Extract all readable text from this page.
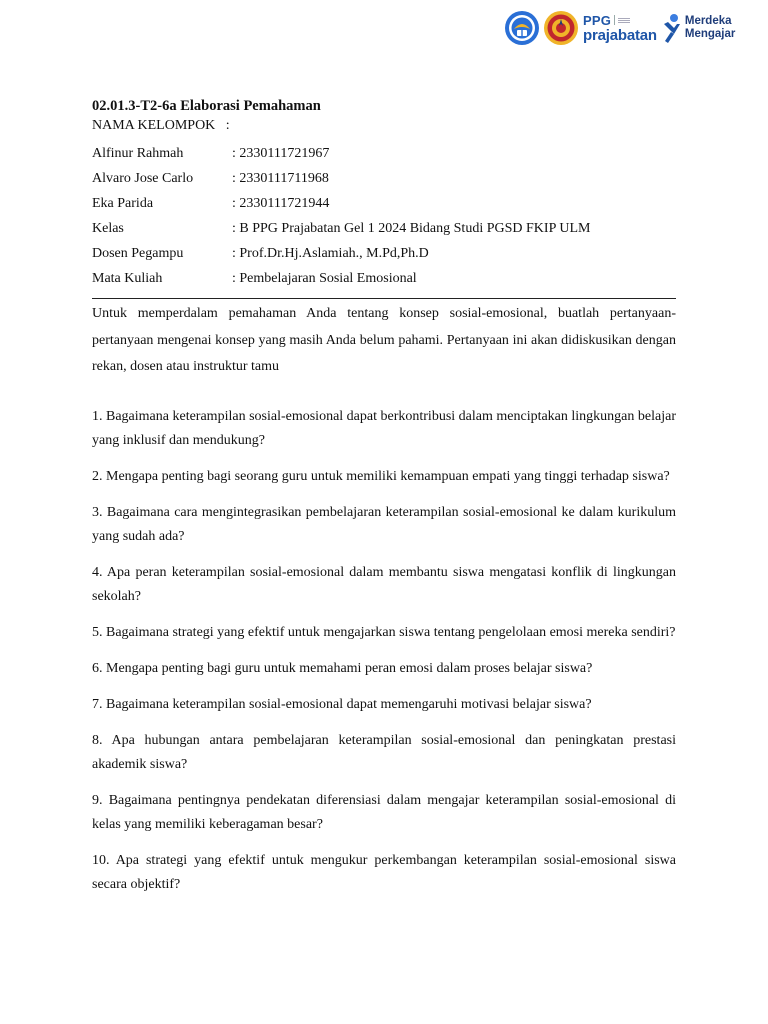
PPG
prajabatan
Merdeka
Mengajar
02.01.3-T2-6a Elaborasi Pemahaman
NAMA KELOMPOK   :
Alfinur Rahmah	: 2330111721967
Alvaro Jose Carlo	: 2330111711968
Eka Parida	: 2330111721944
Kelas	: B PPG Prajabatan Gel 1 2024 Bidang Studi PGSD FKIP ULM
Dosen Pegampu	: Prof.Dr.Hj.Aslamiah., M.Pd,Ph.D
Mata Kuliah	: Pembelajaran Sosial Emosional

Untuk memperdalam pemahaman Anda tentang konsep sosial-emosional, buatlah pertanyaan-pertanyaan mengenai konsep yang masih Anda belum pahami. Pertanyaan ini akan didiskusikan dengan rekan, dosen atau instruktur tamu

1. Bagaimana keterampilan sosial-emosional dapat berkontribusi dalam menciptakan lingkungan belajar yang inklusif dan mendukung?

2. Mengapa penting bagi seorang guru untuk memiliki kemampuan empati yang tinggi terhadap siswa?

3. Bagaimana cara mengintegrasikan pembelajaran keterampilan sosial-emosional ke dalam kurikulum yang sudah ada?

4. Apa peran keterampilan sosial-emosional dalam membantu siswa mengatasi konflik di lingkungan sekolah?

5. Bagaimana strategi yang efektif untuk mengajarkan siswa tentang pengelolaan emosi mereka sendiri?

6. Mengapa penting bagi guru untuk memahami peran emosi dalam proses belajar siswa?

7. Bagaimana keterampilan sosial-emosional dapat memengaruhi motivasi belajar siswa?

8. Apa hubungan antara pembelajaran keterampilan sosial-emosional dan peningkatan prestasi akademik siswa?

9. Bagaimana pentingnya pendekatan diferensiasi dalam mengajar keterampilan sosial-emosional di kelas yang memiliki keberagaman besar?

10. Apa strategi yang efektif untuk mengukur perkembangan keterampilan sosial-emosional siswa secara objektif?
